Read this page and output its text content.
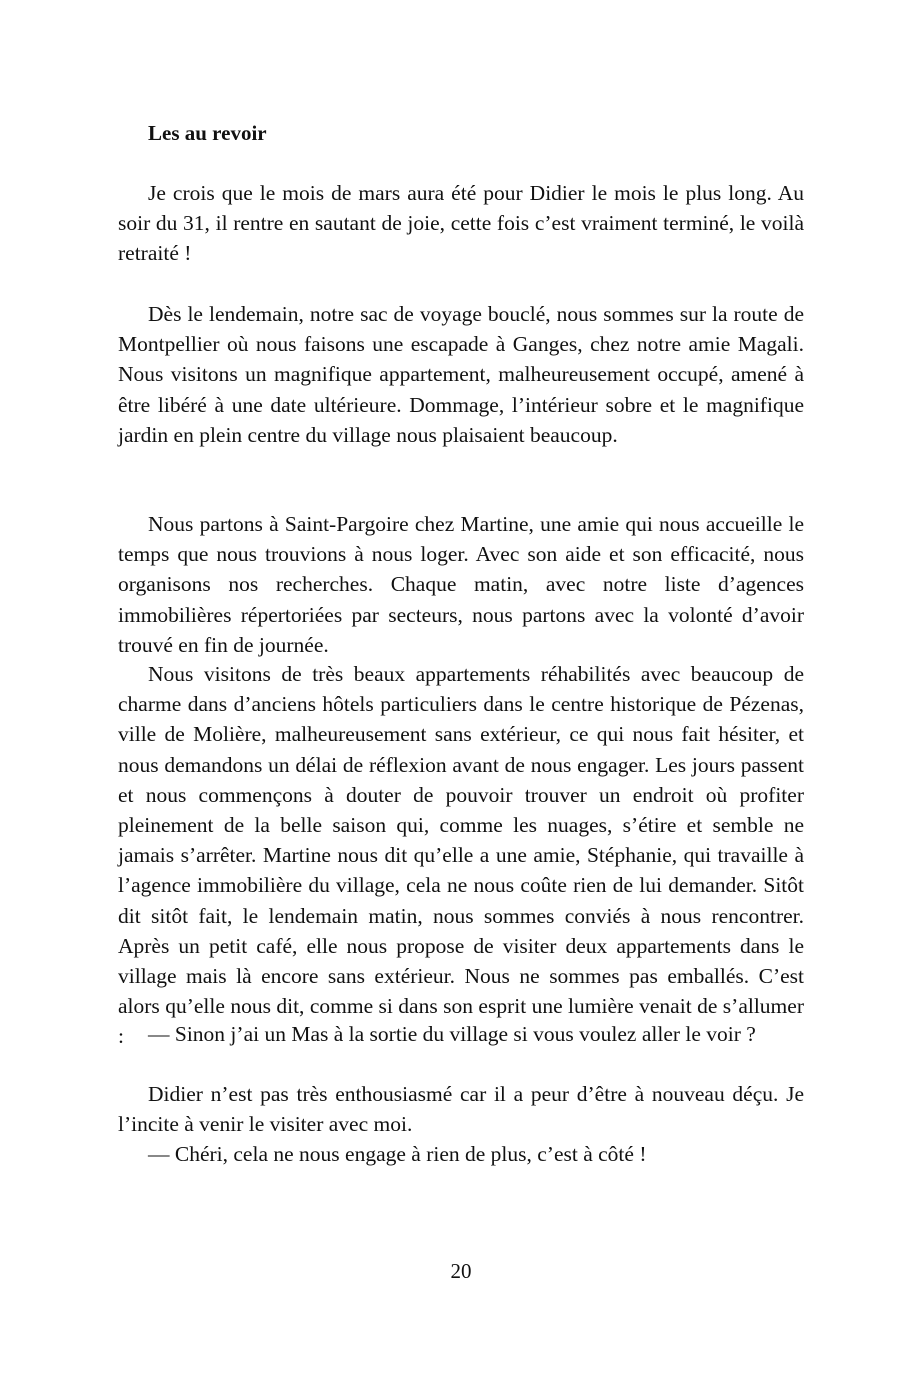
Les au revoir

Je crois que le mois de mars aura été pour Didier le mois le plus long. Au soir du 31, il rentre en sautant de joie, cette fois c’est vraiment terminé, le voilà retraité !

Dès le lendemain, notre sac de voyage bouclé, nous sommes sur la route de Montpellier où nous faisons une escapade à Ganges, chez notre amie Magali. Nous visitons un magnifique appartement, malheureusement occupé, amené à être libéré à une date ultérieure. Dommage, l’intérieur sobre et le magnifique jardin en plein centre du village nous plaisaient beaucoup.

Nous partons à Saint-Pargoire chez Martine, une amie qui nous accueille le temps que nous trouvions à nous loger. Avec son aide et son efficacité, nous organisons nos recherches. Chaque matin, avec notre liste d’agences immobilières répertoriées par secteurs, nous partons avec la volonté d’avoir trouvé en fin de journée.

Nous visitons de très beaux appartements réhabilités avec beaucoup de charme dans d’anciens hôtels particuliers dans le centre historique de Pézenas, ville de Molière, malheureusement sans extérieur, ce qui nous fait hésiter, et nous demandons un délai de réflexion avant de nous engager. Les jours passent et nous commençons à douter de pouvoir trouver un endroit où profiter pleinement de la belle saison qui, comme les nuages, s’étire et semble ne jamais s’arrêter. Martine nous dit qu’elle a une amie, Stéphanie, qui travaille à l’agence immobilière du village, cela ne nous coûte rien de lui demander. Sitôt dit sitôt fait, le lendemain matin, nous sommes conviés à nous rencontrer. Après un petit café, elle nous propose de visiter deux appartements dans le village mais là encore sans extérieur. Nous ne sommes pas emballés. C’est alors qu’elle nous dit, comme si dans son esprit une lumière venait de s’allumer :	— Sinon j’ai un Mas à la sortie du village si vous voulez aller le voir ?

Didier n’est pas très enthousiasmé car il a peur d’être à nouveau déçu. Je l’incite à venir le visiter avec moi.

— Chéri, cela ne nous engage à rien de plus, c’est à côté !

20
